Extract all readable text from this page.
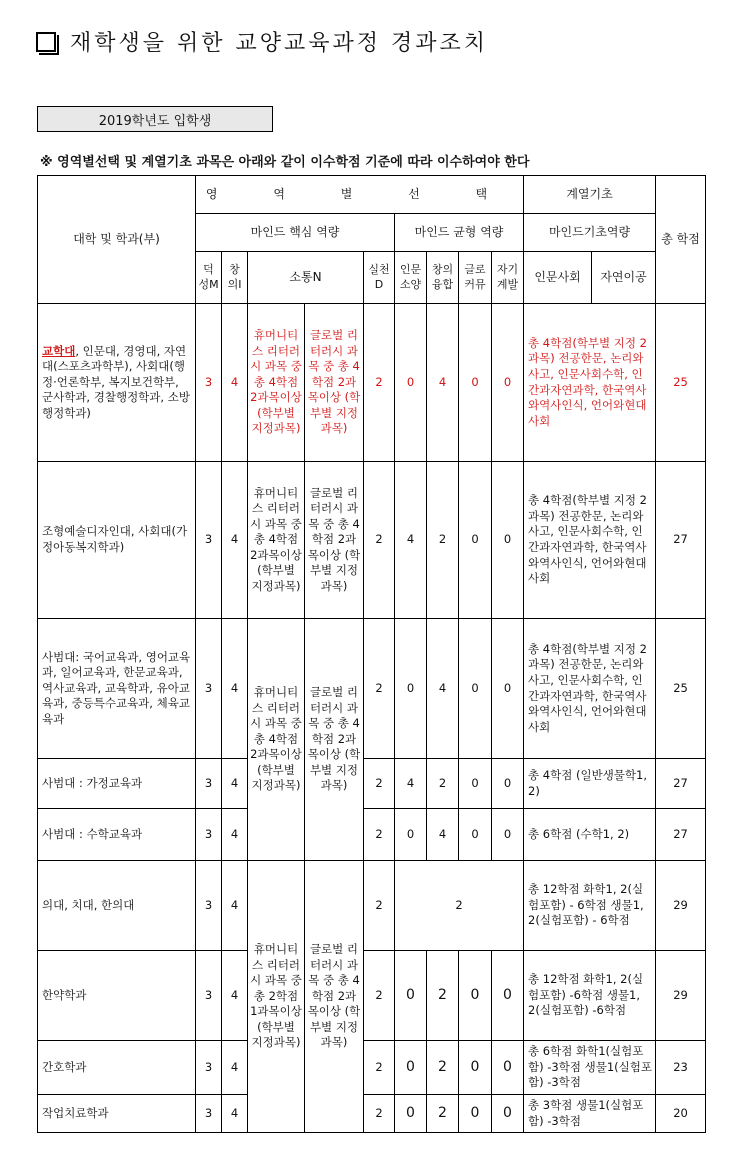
재학생을 위한 교양교육과정 경과조치
2019학년도 입학생
※ 영역별선택 및 계열기초 과목은 아래와 같이 이수학점 기준에 따라 이수하여야 한다
대학 및 학과(부)	영 역 별 선 택									계열기초		총 학점
	마인드 핵심 역량					마인드 균형 역량				마인드기초역량		
	덕성M	창의I	소통N		실천D	인문소양	창의융합	글로커뮤	자기계발	인문사회	자연이공	
교학대, 인문대, 경영대, 자연대(스포츠과학부), 사회대(행정·언론학부, 복지보건학부, 군사학과, 경찰행정학과, 소방행정학과)	3	4	휴머니티스 리터러시 과목 중 총 4학점 2과목이상 (학부별 지정과목)	글로벌 리터러시 과목 중 총 4학점 2과목이상 (학부별 지정과목)	2	0	4	0	0	총 4학점(학부별 지정 2과목) 전공한문, 논리와사고, 인문사회수학, 인간과자연과학, 한국역사와역사인식, 언어와현대사회		25
조형예술디자인대, 사회대(가정아동복지학과)	3	4	휴머니티스 리터러시 과목 중 총 4학점 2과목이상 (학부별 지정과목)	글로벌 리터러시 과목 중 총 4학점 2과목이상 (학부별 지정과목)	2	4	2	0	0	총 4학점(학부별 지정 2과목) 전공한문, 논리와사고, 인문사회수학, 인간과자연과학, 한국역사와역사인식, 언어와현대사회		27
사범대: 국어교육과, 영어교육과, 일어교육과, 한문교육과, 역사교육과, 교육학과, 유아교육과, 중등특수교육과, 체육교육과	3	4	휴머니티스 리터러시 과목 중 총 4학점 2과목이상 (학부별 지정과목)	글로벌 리터러시 과목 중 총 4학점 2과목이상 (학부별 지정과목)	2	0	4	0	0	총 4학점(학부별 지정 2과목) 전공한문, 논리와사고, 인문사회수학, 인간과자연과학, 한국역사와역사인식, 언어와현대사회		25
사범대 : 가정교육과	3	4			2	4	2	0	0	총 4학점 (일반생물학1, 2)		27
사범대 : 수학교육과	3	4			2	0	4	0	0	총 6학점 (수학1, 2)		27
의대, 치대, 한의대	3	4	휴머니티스 리터러시 과목 중 총 2학점 1과목이상 (학부별 지정과목)	글로벌 리터러시 과목 중 총 4학점 2과목이상 (학부별 지정과목)	2	2				총 12학점 화학1, 2(실험포함) - 6학점 생물1, 2(실험포함) - 6학점		29
한약학과	3	4			2	0	2	0	0	총 12학점 화학1, 2(실험포함) -6학점 생물1, 2(실험포함) -6학점		29
간호학과	3	4			2	0	2	0	0	총 6학점 화학1(실험포함) -3학점 생물1(실험포함) -3학점		23
작업치료학과	3	4			2	0	2	0	0	총 3학점 생물1(실험포함) -3학점		20
